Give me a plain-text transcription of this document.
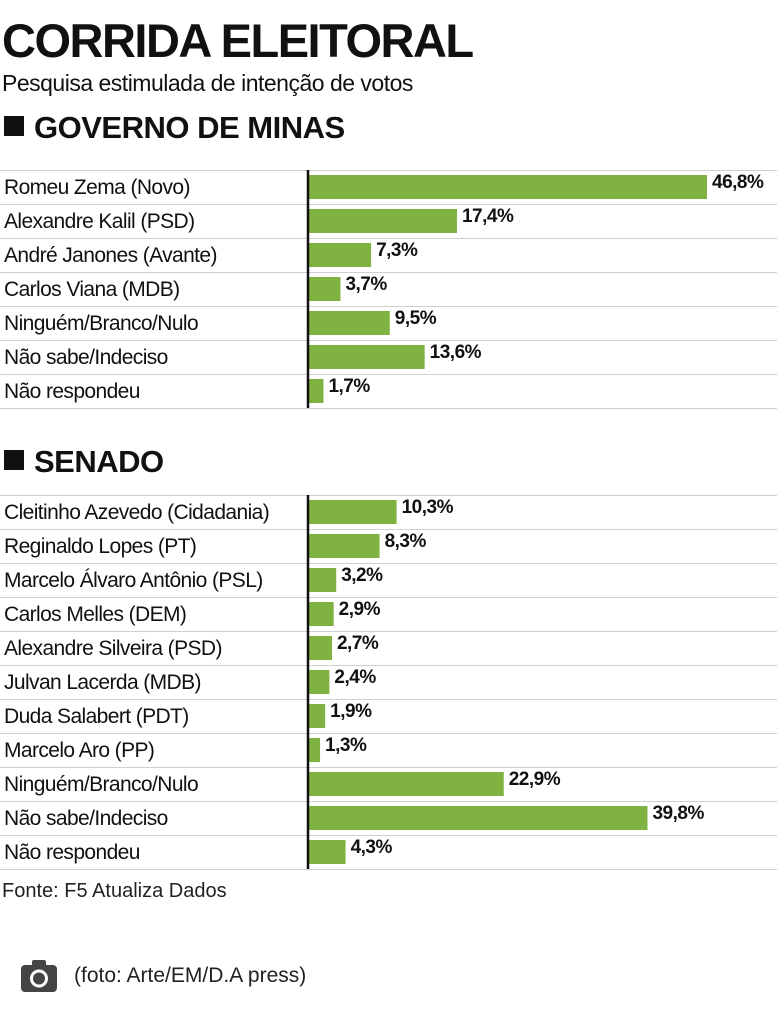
CORRIDA ELEITORAL
Pesquisa estimulada de intenção de votos
GOVERNO DE MINAS
SENADO
Romeu Zema (Novo)	46,8%
Alexandre Kalil (PSD)	17,4%
André Janones (Avante)	7,3%
Carlos Viana (MDB)	3,7%
Ninguém/Branco/Nulo	9,5%
Não sabe/Indeciso	13,6%
Não respondeu	1,7%
Cleitinho Azevedo (Cidadania)	10,3%
Reginaldo Lopes (PT)	8,3%
Marcelo Álvaro Antônio (PSL)	3,2%
Carlos Melles (DEM)	2,9%
Alexandre Silveira (PSD)	2,7%
Julvan Lacerda (MDB)	2,4%
Duda Salabert (PDT)	1,9%
Marcelo Aro (PP)	1,3%
Ninguém/Branco/Nulo	22,9%
Não sabe/Indeciso	39,8%
Não respondeu	4,3%
Fonte: F5 Atualiza Dados
(foto: Arte/EM/D.A press)
